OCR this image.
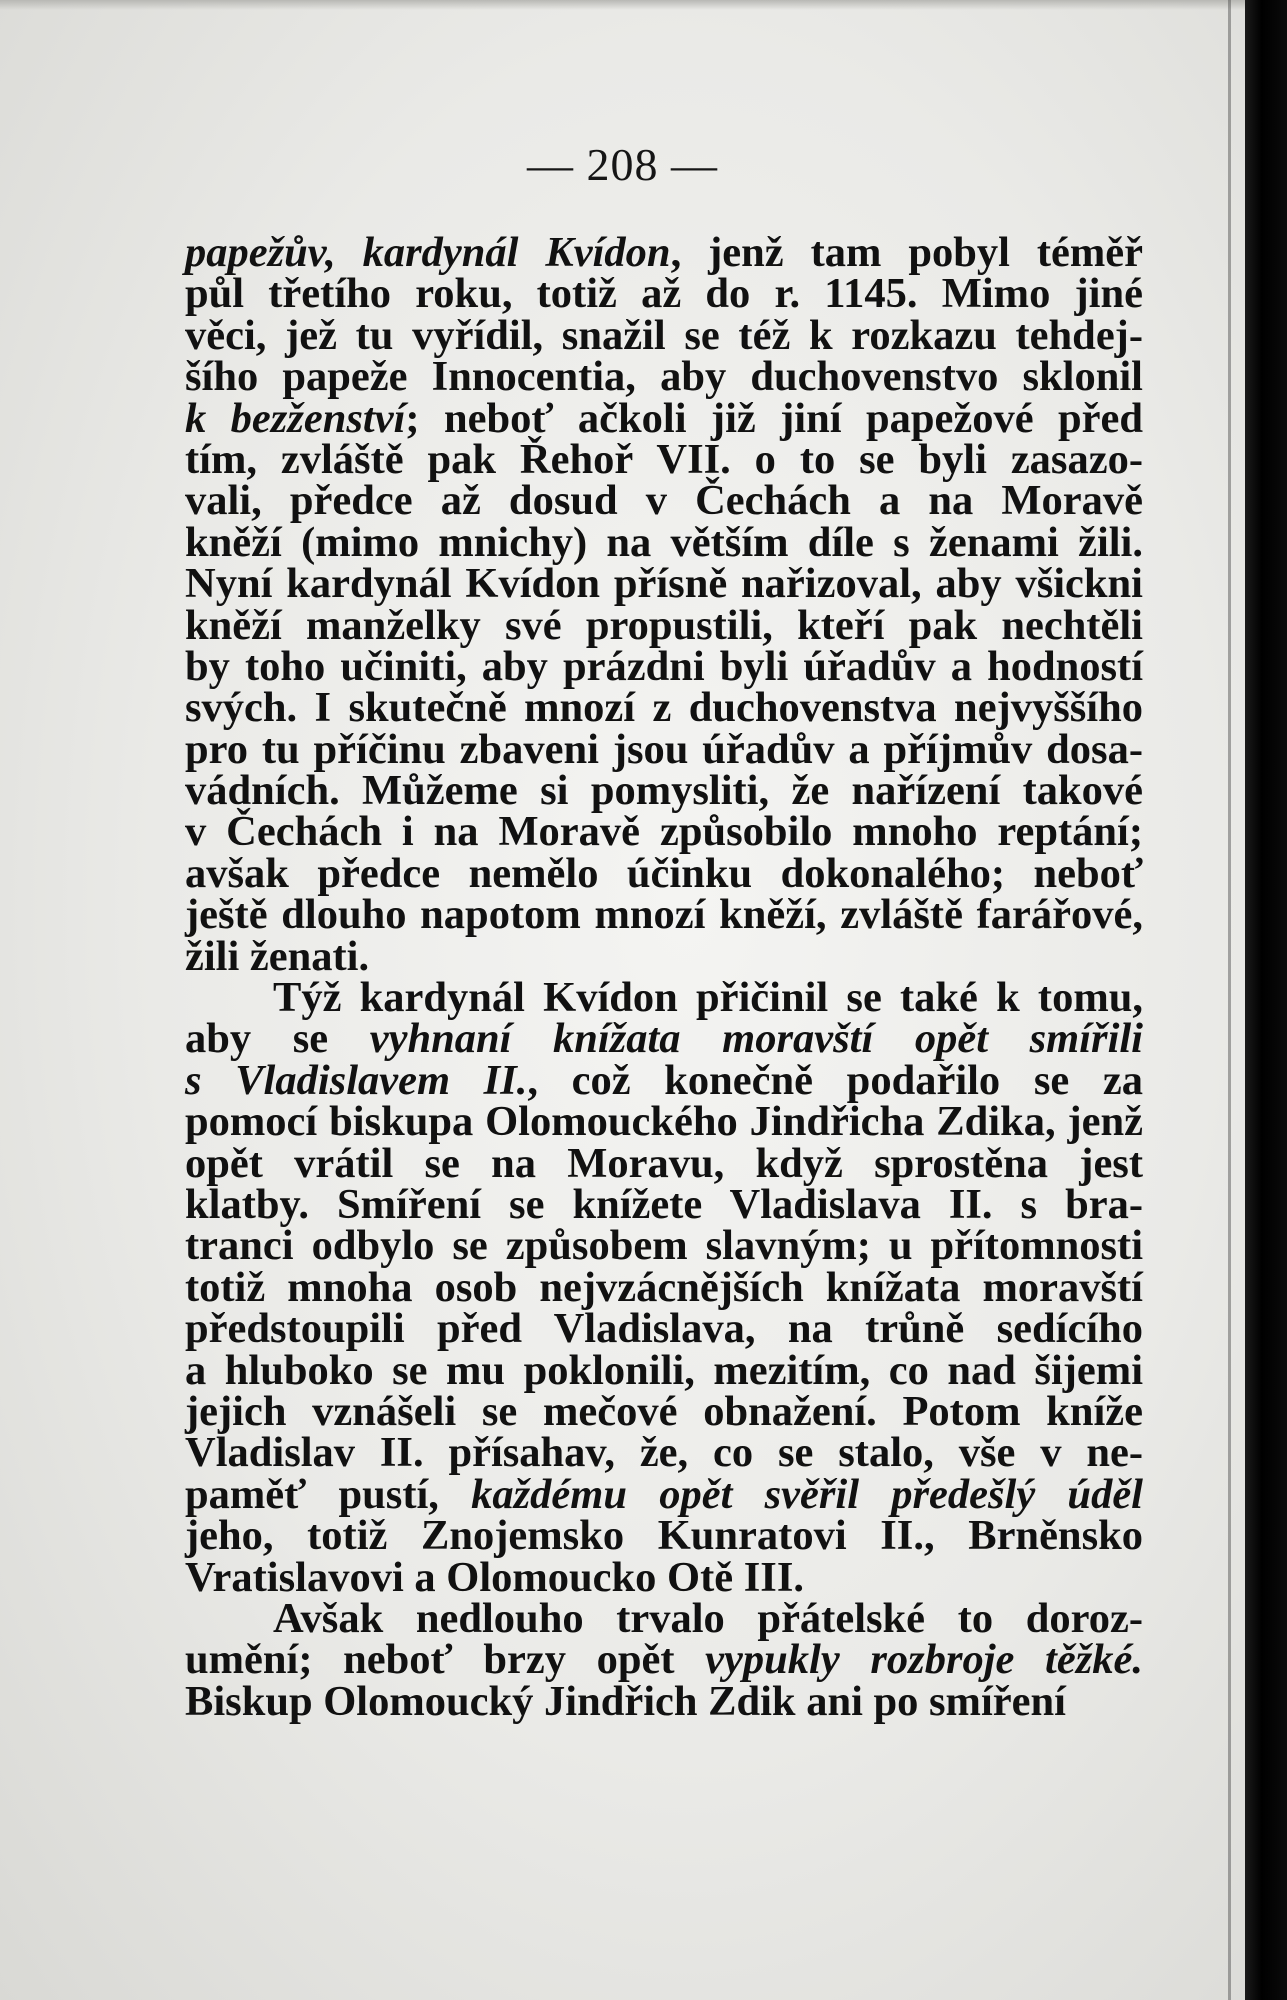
— 208 —
papežův, kardynál Kvídon, jenž tam pobyl téměř
půl třetího roku, totiž až do r. 1145. Mimo jiné
věci, jež tu vyřídil, snažil se též k rozkazu tehdej-
šího papeže Innocentia, aby duchovenstvo sklonil
k bezženství; neboť ačkoli již jiní papežové před
tím, zvláště pak Řehoř VII. o to se byli zasazo-
vali, předce až dosud v Čechách a na Moravě
kněží (mimo mnichy) na větším díle s ženami žili.
Nyní kardynál Kvídon přísně nařizoval, aby všickni
kněží manželky své propustili, kteří pak nechtěli
by toho učiniti, aby prázdni byli úřadův a hodností
svých. I skutečně mnozí z duchovenstva nejvyššího
pro tu příčinu zbaveni jsou úřadův a příjmův dosa-
vádních. Můžeme si pomysliti, že nařízení takové
v Čechách i na Moravě způsobilo mnoho reptání;
avšak předce nemělo účinku dokonalého; neboť
ještě dlouho napotom mnozí kněží, zvláště farářové,
žili ženati.
Týž kardynál Kvídon přičinil se také k tomu,
aby se vyhnaní knížata moravští opět smířili
s Vladislavem II., což konečně podařilo se za
pomocí biskupa Olomouckého Jindřicha Zdika, jenž
opět vrátil se na Moravu, když sprostěna jest
klatby. Smíření se knížete Vladislava II. s bra-
tranci odbylo se způsobem slavným; u přítomnosti
totiž mnoha osob nejvzácnějších knížata moravští
předstoupili před Vladislava, na trůně sedícího
a hluboko se mu poklonili, mezitím, co nad šijemi
jejich vznášeli se mečové obnažení. Potom kníže
Vladislav II. přísahav, že, co se stalo, vše v ne-
paměť pustí, každému opět svěřil předešlý úděl
jeho, totiž Znojemsko Kunratovi II., Brněnsko
Vratislavovi a Olomoucko Otě III.
Avšak nedlouho trvalo přátelské to doroz-
umění; neboť brzy opět vypukly rozbroje těžké.
Biskup Olomoucký Jindřich Zdik ani po smíření
